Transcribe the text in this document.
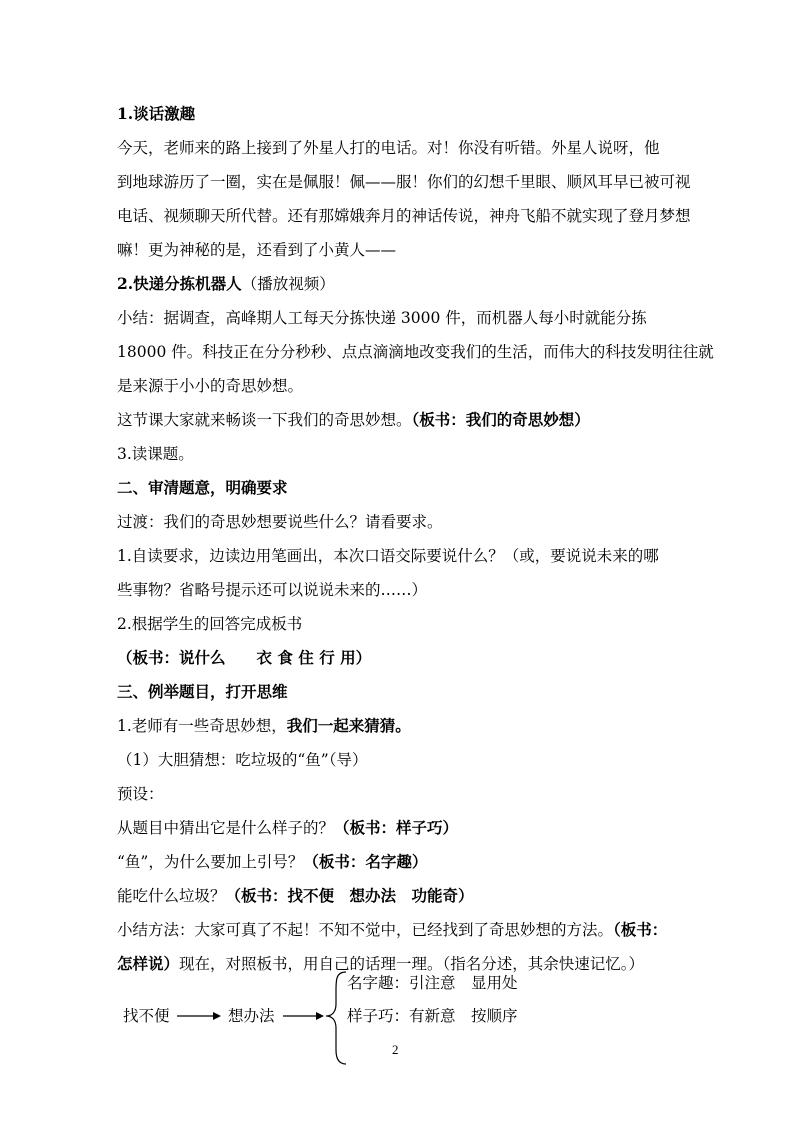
1.谈话激趣
今天，老师来的路上接到了外星人打的电话。对！你没有听错。外星人说呀，他
到地球游历了一圈，实在是佩服！佩——服！你们的幻想千里眼、顺风耳早已被可视
电话、视频聊天所代替。还有那嫦娥奔月的神话传说，神舟飞船不就实现了登月梦想
嘛！更为神秘的是，还看到了小黄人——
2.快递分拣机器人（播放视频）
小结：据调查，高峰期人工每天分拣快递 3000 件，而机器人每小时就能分拣
18000 件。科技正在分分秒秒、点点滴滴地改变我们的生活，而伟大的科技发明往往就
是来源于小小的奇思妙想。
这节课大家就来畅谈一下我们的奇思妙想。（板书：我们的奇思妙想）
3.读课题。
二、审清题意，明确要求
过渡：我们的奇思妙想要说些什么？请看要求。
1.自读要求，边读边用笔画出，本次口语交际要说什么？（或，要说说未来的哪
些事物？省略号提示还可以说说未来的……）
2.根据学生的回答完成板书
（板书：说什么　　衣 食 住 行 用）
三、例举题目，打开思维
1.老师有一些奇思妙想，我们一起来猜猜。
（1）大胆猜想：吃垃圾的“鱼”（导）
预设：
从题目中猜出它是什么样子的？（板书：样子巧）
“鱼”，为什么要加上引号？（板书：名字趣）
能吃什么垃圾？（板书：找不便　想办法　功能奇）
小结方法：大家可真了不起！不知不觉中，已经找到了奇思妙想的方法。（板书：
怎样说）现在，对照板书，用自己的话理一理。（指名分述，其余快速记忆。）
找不便	想办法
名字趣：引注意　显用处
样子巧：有新意　按顺序
2
